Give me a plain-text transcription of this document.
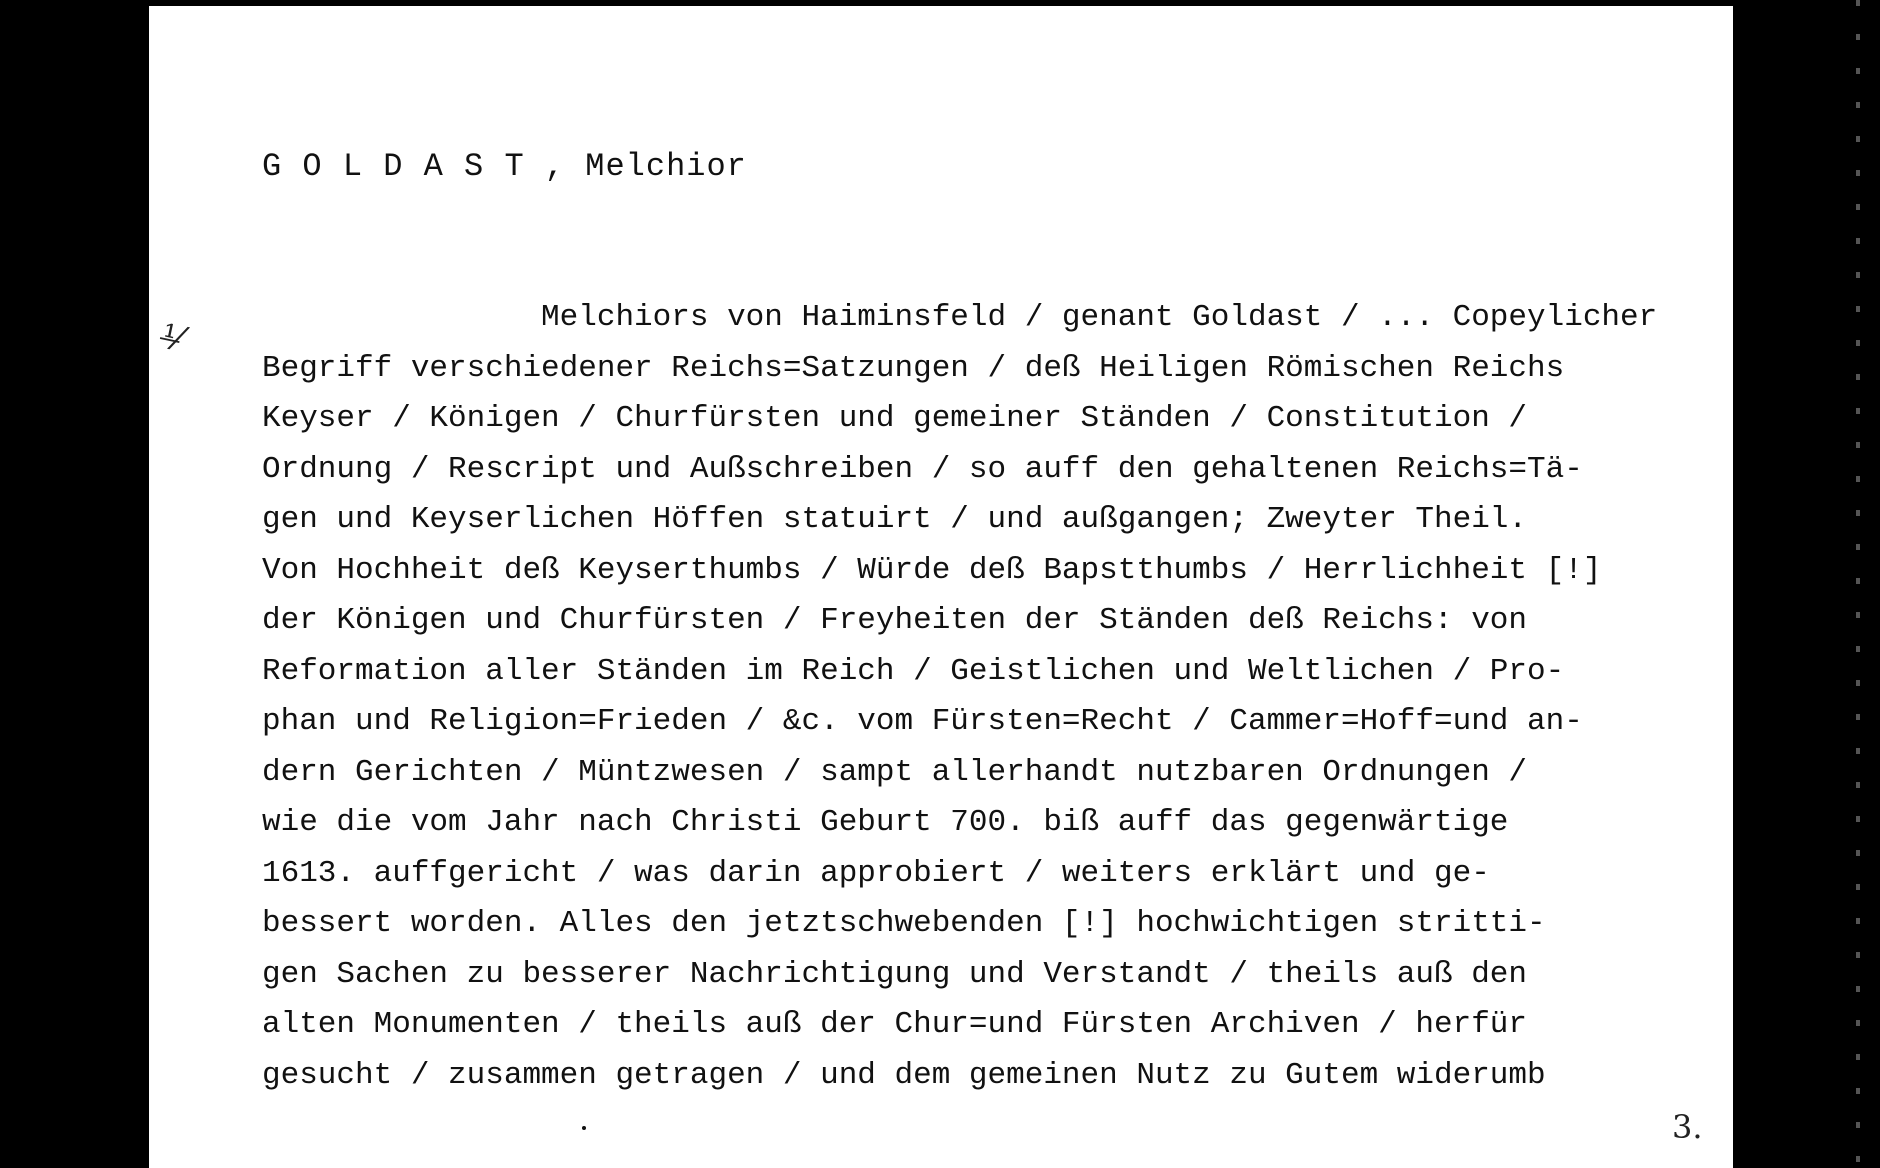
G O L D A S T , Melchior
⅟̶ Melchiors von Haiminsfeld / genant Goldast / ... Copeylicher
Begriff verschiedener Reichs=Satzungen / deß Heiligen Römischen Reichs
Keyser / Königen / Churfürsten und gemeiner Ständen / Constitution /
Ordnung / Rescript und Außschreiben / so auff den gehaltenen Reichs=Tä-
gen und Keyserlichen Höffen statuirt / und außgangen; Zweyter Theil.
Von Hochheit deß Keyserthumbs / Würde deß Bapstthumbs / Herrlichheit [!]
der Königen und Churfürsten / Freyheiten der Ständen deß Reichs: von
Reformation aller Ständen im Reich / Geistlichen und Weltlichen / Pro-
phan und Religion=Frieden / &c. vom Fürsten=Recht / Cammer=Hoff=und an-
dern Gerichten / Müntzwesen / sampt allerhandt nutzbaren Ordnungen /
wie die vom Jahr nach Christi Geburt 700. biß auff das gegenwärtige
1613. auffgericht / was darin approbiert / weiters erklärt und ge-
bessert worden. Alles den jetztschwebenden [!] hochwichtigen stritti-
gen Sachen zu besserer Nachrichtigung und Verstandt / theils auß den
alten Monumenten / theils auß der Chur=und Fürsten Archiven / herfür
gesucht / zusammen getragen / und dem gemeinen Nutz zu Gutem widerumb
3.
